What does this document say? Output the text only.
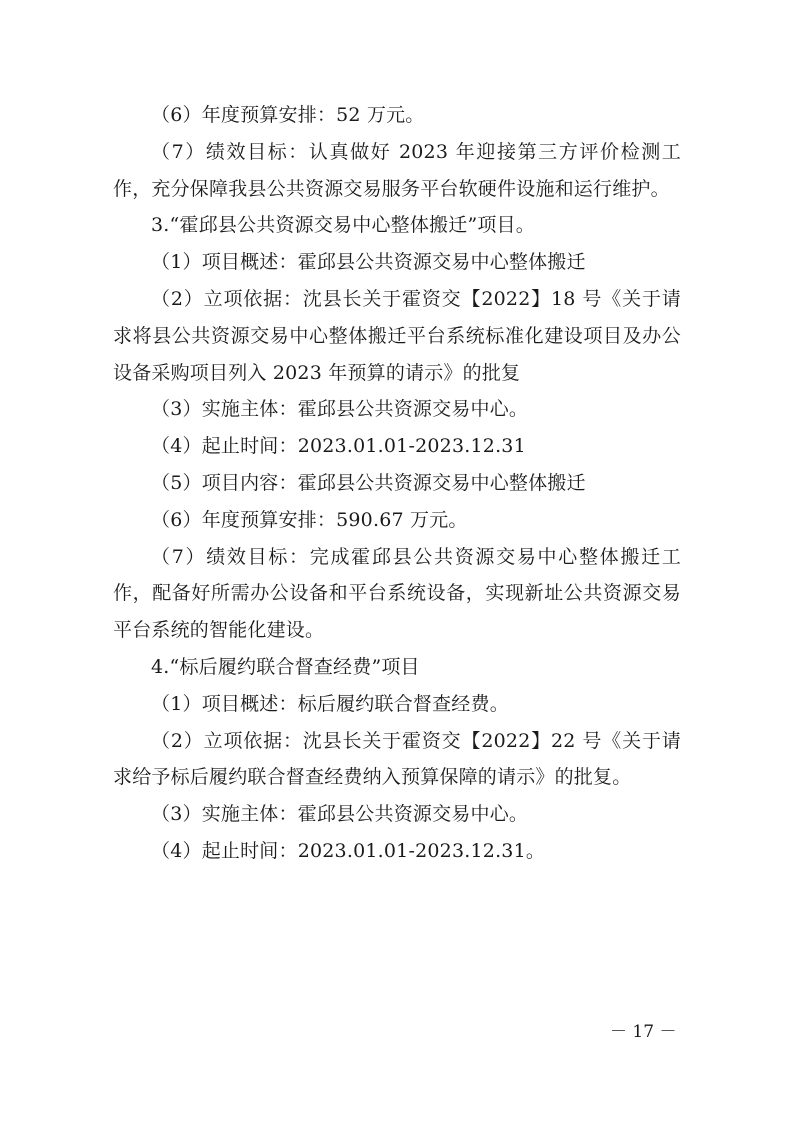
（6）年度预算安排：52 万元。

（7）绩效目标：认真做好 2023 年迎接第三方评价检测工作，充分保障我县公共资源交易服务平台软硬件设施和运行维护。

3.“霍邱县公共资源交易中心整体搬迁”项目。

（1）项目概述：霍邱县公共资源交易中心整体搬迁

（2）立项依据：沈县长关于霍资交【2022】18 号《关于请求将县公共资源交易中心整体搬迁平台系统标准化建设项目及办公设备采购项目列入 2023 年预算的请示》的批复

（3）实施主体：霍邱县公共资源交易中心。

（4）起止时间：2023.01.01-2023.12.31

（5）项目内容：霍邱县公共资源交易中心整体搬迁

（6）年度预算安排：590.67 万元。

（7）绩效目标：完成霍邱县公共资源交易中心整体搬迁工作，配备好所需办公设备和平台系统设备，实现新址公共资源交易平台系统的智能化建设。

4.“标后履约联合督查经费”项目

（1）项目概述：标后履约联合督查经费。

（2）立项依据：沈县长关于霍资交【2022】22 号《关于请求给予标后履约联合督查经费纳入预算保障的请示》的批复。

（3）实施主体：霍邱县公共资源交易中心。

（4）起止时间：2023.01.01-2023.12.31。

－ 17 －
